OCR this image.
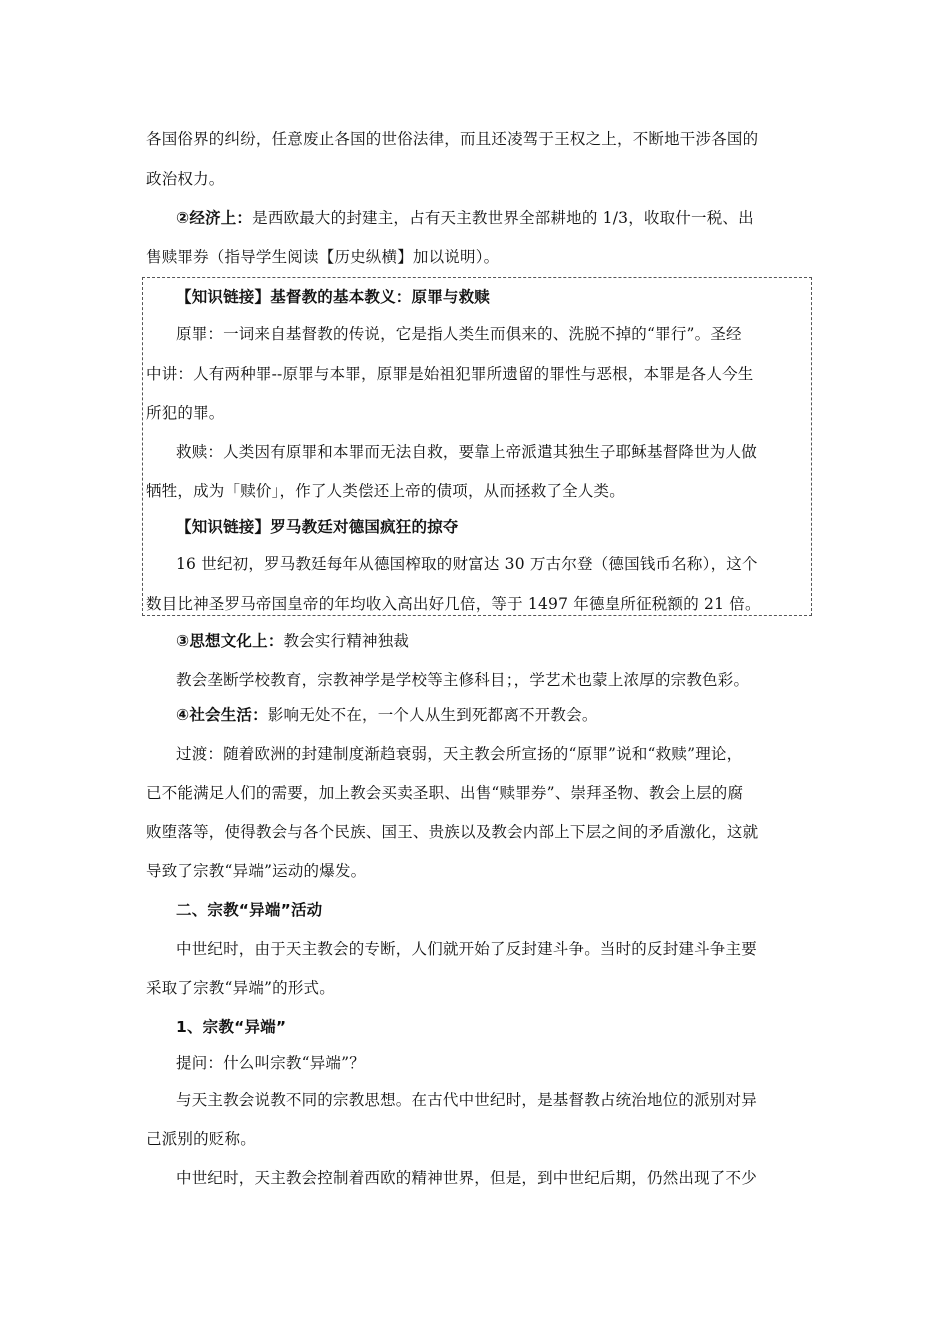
各国俗界的纠纷，任意废止各国的世俗法律，而且还凌驾于王权之上，不断地干涉各国的
政治权力。
②经济上：是西欧最大的封建主，占有天主教世界全部耕地的 1/3，收取什一税、出
售赎罪券（指导学生阅读【历史纵横】加以说明）。
【知识链接】基督教的基本教义：原罪与救赎
原罪：一词来自基督教的传说，它是指人类生而俱来的、洗脱不掉的“罪行”。圣经
中讲：人有两种罪--原罪与本罪，原罪是始祖犯罪所遗留的罪性与恶根，本罪是各人今生
所犯的罪。
救赎：人类因有原罪和本罪而无法自救，要靠上帝派遣其独生子耶稣基督降世为人做
牺牲，成为「赎价」，作了人类偿还上帝的债项，从而拯救了全人类。
【知识链接】罗马教廷对德国疯狂的掠夺
16 世纪初，罗马教廷每年从德国榨取的财富达 30 万古尔登（德国钱币名称），这个
数目比神圣罗马帝国皇帝的年均收入高出好几倍，等于 1497 年德皇所征税额的 21 倍。
③思想文化上：教会实行精神独裁
教会垄断学校教育，宗教神学是学校等主修科目；，学艺术也蒙上浓厚的宗教色彩。
④社会生活：影响无处不在，一个人从生到死都离不开教会。
过渡：随着欧洲的封建制度渐趋衰弱，天主教会所宣扬的“原罪”说和“救赎”理论，
已不能满足人们的需要，加上教会买卖圣职、出售“赎罪券”、崇拜圣物、教会上层的腐
败堕落等，使得教会与各个民族、国王、贵族以及教会内部上下层之间的矛盾激化，这就
导致了宗教“异端”运动的爆发。
二、宗教“异端”活动
中世纪时，由于天主教会的专断，人们就开始了反封建斗争。当时的反封建斗争主要
采取了宗教“异端”的形式。
1、宗教“异端”
提问：什么叫宗教“异端”？
与天主教会说教不同的宗教思想。在古代中世纪时，是基督教占统治地位的派别对异
己派别的贬称。
中世纪时，天主教会控制着西欧的精神世界，但是，到中世纪后期，仍然出现了不少
